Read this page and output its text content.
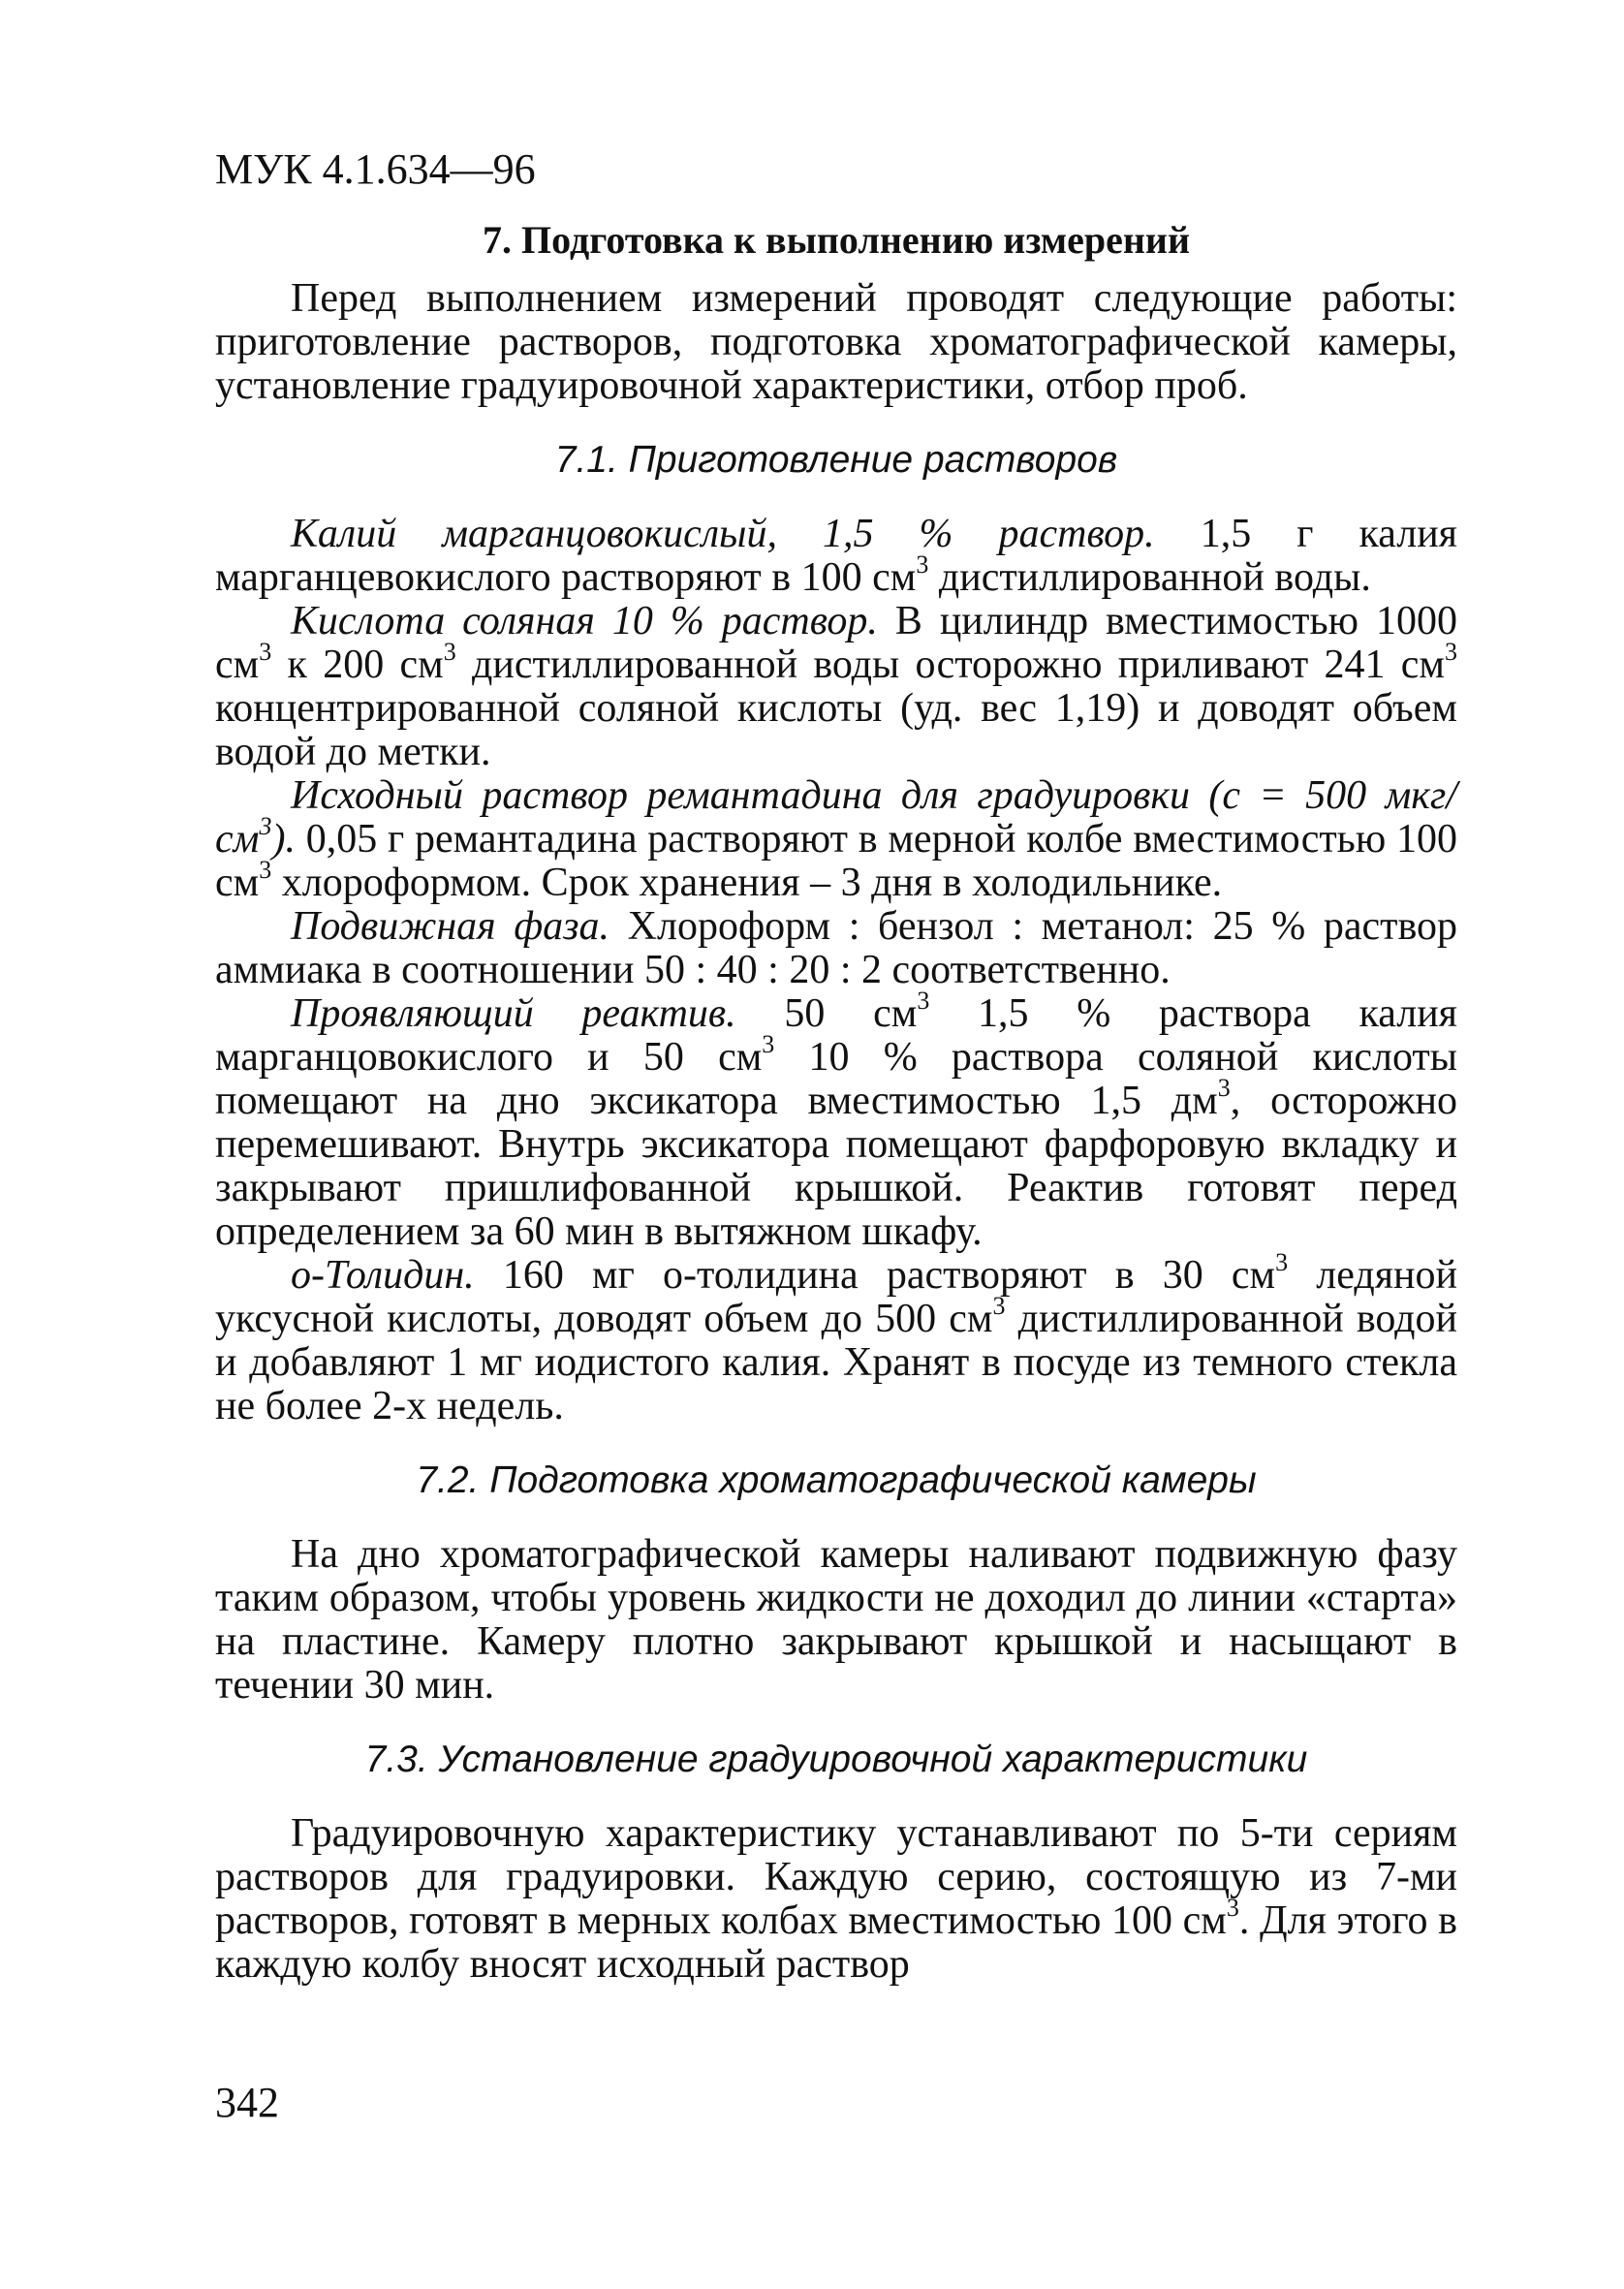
МУК 4.1.634—96
7. Подготовка к выполнению измерений

Перед выполнением измерений проводят следующие работы: приготовление растворов, подготовка хроматографической камеры, установление градуировочной характеристики, отбор проб.

7.1. Приготовление растворов

Калий марганцовокислый, 1,5 % раствор. 1,5 г калия марганцевокислого растворяют в 100 $см^3$ дистиллированной воды.

Кислота соляная 10 % раствор. В цилиндр вместимостью 1000 $см^3$ к 200 $см^3$ дистиллированной воды осторожно приливают 241 $см^3$ концентрированной соляной кислоты (уд. вес 1,19) и доводят объем водой до метки.

Исходный раствор ремантадина для градуировки (с = 500 мкг/$см^3$). 0,05 г ремантадина растворяют в мерной колбе вместимостью 100 $см^3$ хлороформом. Срок хранения – 3 дня в холодильнике.

Подвижная фаза. Хлороформ : бензол : метанол: 25 % раствор аммиака в соотношении 50 : 40 : 20 : 2 соответственно.

Проявляющий реактив. 50 $см^3$ 1,5 % раствора калия марганцовокислого и 50 $см^3$ 10 % раствора соляной кислоты помещают на дно эксикатора вместимостью 1,5 $дм^3$, осторожно перемешивают. Внутрь эксикатора помещают фарфоровую вкладку и закрывают пришлифованной крышкой. Реактив готовят перед определением за 60 мин в вытяжном шкафу.

о-Толидин. 160 мг о-толидина растворяют в 30 $см^3$ ледяной уксусной кислоты, доводят объем до 500 $см^3$ дистиллированной водой и добавляют 1 мг иодистого калия. Хранят в посуде из темного стекла не более 2-х недель.

7.2. Подготовка хроматографической камеры

На дно хроматографической камеры наливают подвижную фазу таким образом, чтобы уровень жидкости не доходил до линии «старта» на пластине. Камеру плотно закрывают крышкой и насыщают в течении 30 мин.

7.3. Установление градуировочной характеристики

Градуировочную характеристику устанавливают по 5-ти сериям растворов для градуировки. Каждую серию, состоящую из 7-ми растворов, готовят в мерных колбах вместимостью 100 $см^3$. Для этого в каждую колбу вносят исходный раствор

342
